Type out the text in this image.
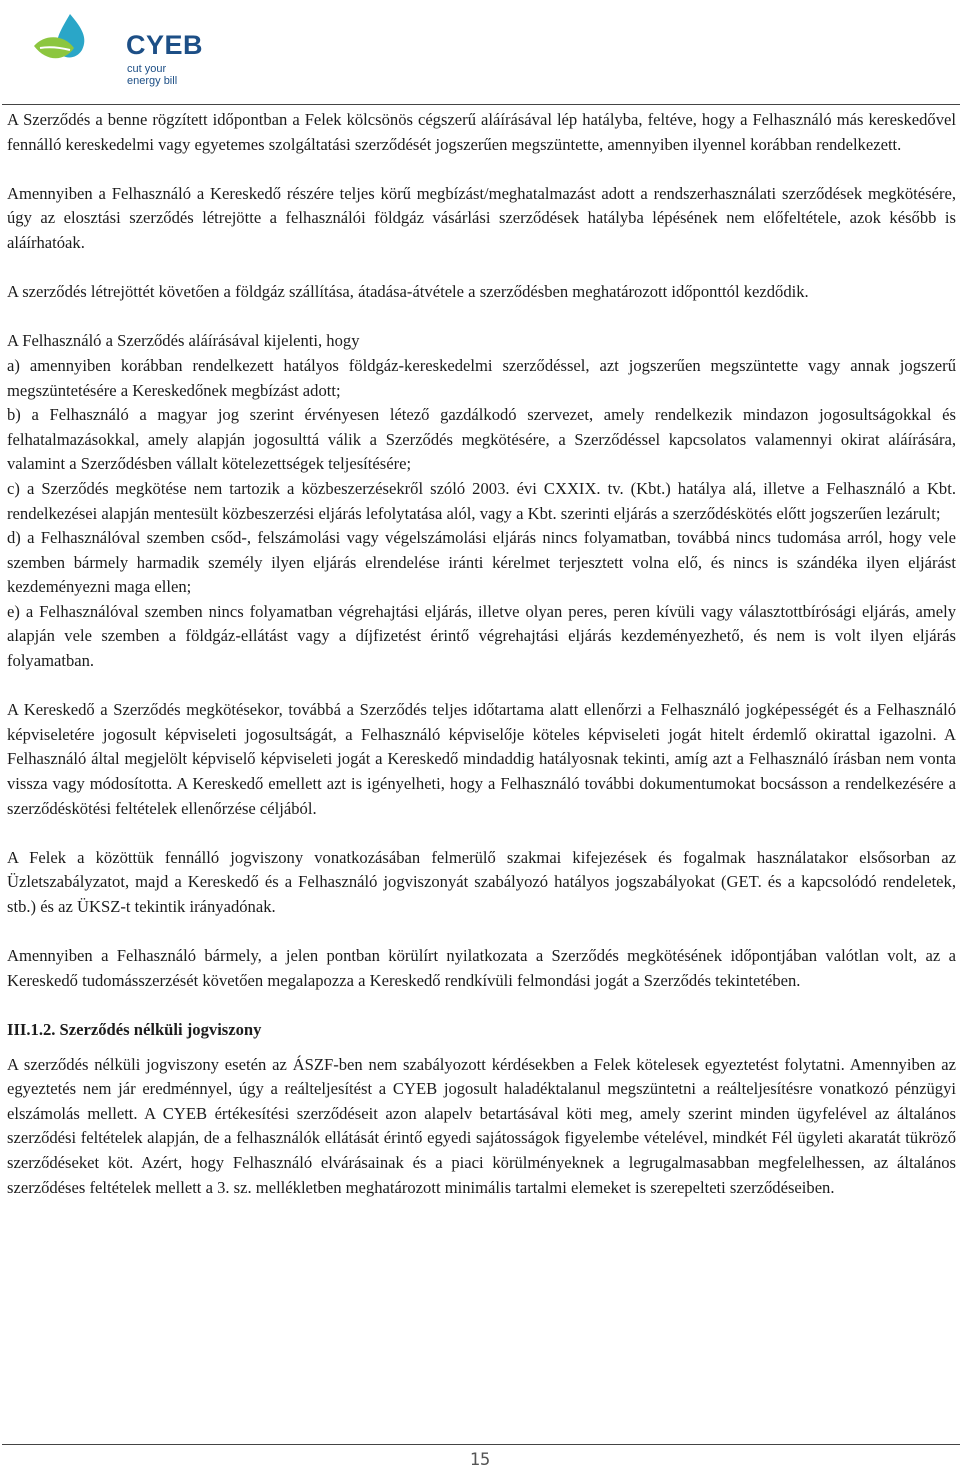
CYEB
cut your energy bill

A Szerződés a benne rögzített időpontban a Felek kölcsönös cégszerű aláírásával lép hatályba, feltéve, hogy a Felhasználó más kereskedővel fennálló kereskedelmi vagy egyetemes szolgáltatási szerződését jogszerűen megszüntette, amennyiben ilyennel korábban rendelkezett.

Amennyiben a Felhasználó a Kereskedő részére teljes körű megbízást/meghatalmazást adott a rendszerhasználati szerződések megkötésére, úgy az elosztási szerződés létrejötte a felhasználói földgáz vásárlási szerződések hatályba lépésének nem előfeltétele, azok később is aláírhatóak.

A szerződés létrejöttét követően a földgáz szállítása, átadása-átvétele a szerződésben meghatározott időponttól kezdődik.

A Felhasználó a Szerződés aláírásával kijelenti, hogy

a) amennyiben korábban rendelkezett hatályos földgáz-kereskedelmi szerződéssel, azt jogszerűen megszüntette vagy annak jogszerű megszüntetésére a Kereskedőnek megbízást adott;

b) a Felhasználó a magyar jog szerint érvényesen létező gazdálkodó szervezet, amely rendelkezik mindazon jogosultságokkal és felhatalmazásokkal, amely alapján jogosulttá válik a Szerződés megkötésére, a Szerződéssel kapcsolatos valamennyi okirat aláírására, valamint a Szerződésben vállalt kötelezettségek teljesítésére;

c) a Szerződés megkötése nem tartozik a közbeszerzésekről szóló 2003. évi CXXIX. tv. (Kbt.) hatálya alá, illetve a Felhasználó a Kbt. rendelkezései alapján mentesült közbeszerzési eljárás lefolytatása alól, vagy a Kbt. szerinti eljárás a szerződéskötés előtt jogszerűen lezárult;

d) a Felhasználóval szemben csőd-, felszámolási vagy végelszámolási eljárás nincs folyamatban, továbbá nincs tudomása arról, hogy vele szemben bármely harmadik személy ilyen eljárás elrendelése iránti kérelmet terjesztett volna elő, és nincs is szándéka ilyen eljárást kezdeményezni maga ellen;

e) a Felhasználóval szemben nincs folyamatban végrehajtási eljárás, illetve olyan peres, peren kívüli vagy választottbírósági eljárás, amely alapján vele szemben a földgáz-ellátást vagy a díjfizetést érintő végrehajtási eljárás kezdeményezhető, és nem is volt ilyen eljárás folyamatban.

A Kereskedő a Szerződés megkötésekor, továbbá a Szerződés teljes időtartama alatt ellenőrzi a Felhasználó jogképességét és a Felhasználó képviseletére jogosult képviseleti jogosultságát, a Felhasználó képviselője köteles képviseleti jogát hitelt érdemlő okirattal igazolni. A Felhasználó által megjelölt képviselő képviseleti jogát a Kereskedő mindaddig hatályosnak tekinti, amíg azt a Felhasználó írásban nem vonta vissza vagy módosította. A Kereskedő emellett azt is igényelheti, hogy a Felhasználó további dokumentumokat bocsásson a rendelkezésére a szerződéskötési feltételek ellenőrzése céljából.

A Felek a közöttük fennálló jogviszony vonatkozásában felmerülő szakmai kifejezések és fogalmak használatakor elsősorban az Üzletszabályzatot, majd a Kereskedő és a Felhasználó jogviszonyát szabályozó hatályos jogszabályokat (GET. és a kapcsolódó rendeletek, stb.) és az ÜKSZ-t tekintik irányadónak.

Amennyiben a Felhasználó bármely, a jelen pontban körülírt nyilatkozata a Szerződés megkötésének időpontjában valótlan volt, az a Kereskedő tudomásszerzését követően megalapozza a Kereskedő rendkívüli felmondási jogát a Szerződés tekintetében.

III.1.2. Szerződés nélküli jogviszony

A szerződés nélküli jogviszony esetén az ÁSZF-ben nem szabályozott kérdésekben a Felek kötelesek egyeztetést folytatni. Amennyiben az egyeztetés nem jár eredménnyel, úgy a reálteljesítést a CYEB jogosult haladéktalanul megszüntetni a reálteljesítésre vonatkozó pénzügyi elszámolás mellett. A CYEB értékesítési szerződéseit azon alapelv betartásával köti meg, amely szerint minden ügyfelével az általános szerződési feltételek alapján, de a felhasználók ellátását érintő egyedi sajátosságok figyelembe vételével, mindkét Fél ügyleti akaratát tükröző szerződéseket köt. Azért, hogy Felhasználó elvárásainak és a piaci körülményeknek a legrugalmasabban megfelelhessen, az általános szerződéses feltételek mellett a 3. sz. mellékletben meghatározott minimális tartalmi elemeket is szerepelteti szerződéseiben.

15
